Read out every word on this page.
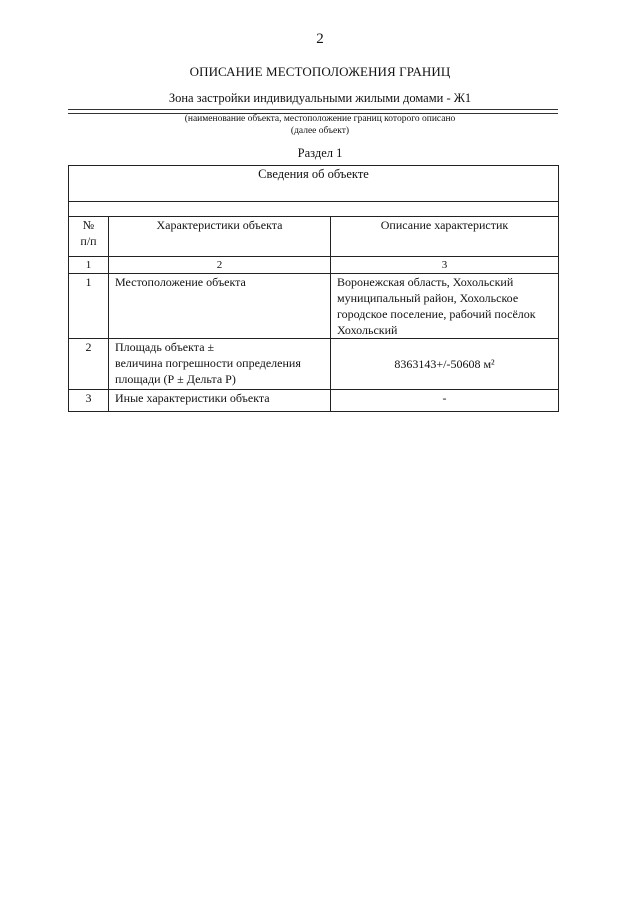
2
ОПИСАНИЕ МЕСТОПОЛОЖЕНИЯ ГРАНИЦ
Зона застройки индивидуальными жилыми домами - Ж1
(наименование объекта, местоположение границ которого описано
(далее объект)
Раздел 1
Сведения об объекте		

№
п/п	Характеристики объекта	Описание характеристик
1	2	3
1	Местоположение объекта	Воронежская область, Хохольский
муниципальный район, Хохольское
городское поселение, рабочий посёлок
Хохольский
2	Площадь объекта ±
величина погрешности определения
площади (Р ± Дельта Р)	8363143+/-50608 м²
3	Иные характеристики объекта	-
